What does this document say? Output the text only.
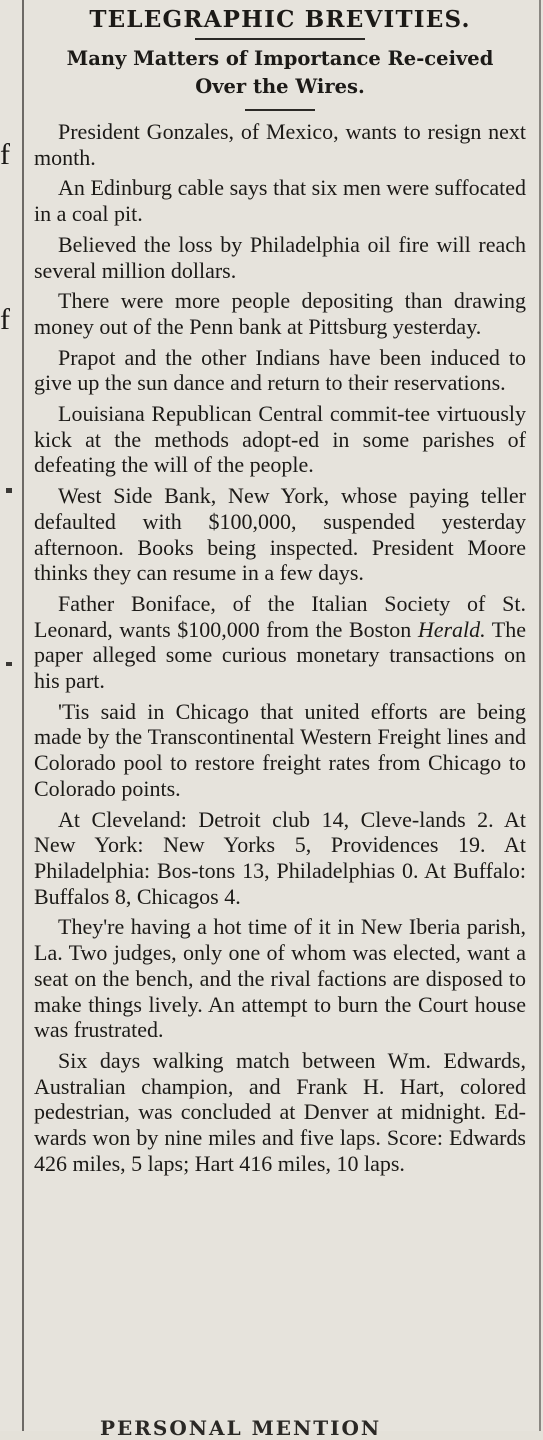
f
f
TELEGRAPHIC BREVITIES.
Many Matters of Importance Re-ceived Over the Wires.

President Gonzales, of Mexico, wants to resign next month.

An Edinburg cable says that six men were suffocated in a coal pit.

Believed the loss by Philadelphia oil fire will reach several million dollars.

There were more people depositing than drawing money out of the Penn bank at Pittsburg yesterday.

Prapot and the other Indians have been induced to give up the sun dance and return to their reservations.

Louisiana Republican Central commit-tee virtuously kick at the methods adopt-ed in some parishes of defeating the will of the people.

West Side Bank, New York, whose paying teller defaulted with $100,000, suspended yesterday afternoon. Books being inspected. President Moore thinks they can resume in a few days.

Father Boniface, of the Italian Society of St. Leonard, wants $100,000 from the Boston Herald. The paper alleged some curious monetary transactions on his part.

'Tis said in Chicago that united efforts are being made by the Transcontinental Western Freight lines and Colorado pool to restore freight rates from Chicago to Colorado points.

At Cleveland: Detroit club 14, Cleve-lands 2. At New York: New Yorks 5, Providences 19. At Philadelphia: Bos-tons 13, Philadelphias 0. At Buffalo: Buffalos 8, Chicagos 4.

They're having a hot time of it in New Iberia parish, La. Two judges, only one of whom was elected, want a seat on the bench, and the rival factions are disposed to make things lively. An attempt to burn the Court house was frustrated.

Six days walking match between Wm. Edwards, Australian champion, and Frank H. Hart, colored pedestrian, was concluded at Denver at midnight. Ed-wards won by nine miles and five laps. Score: Edwards 426 miles, 5 laps; Hart 416 miles, 10 laps.

PERSONAL MENTION
